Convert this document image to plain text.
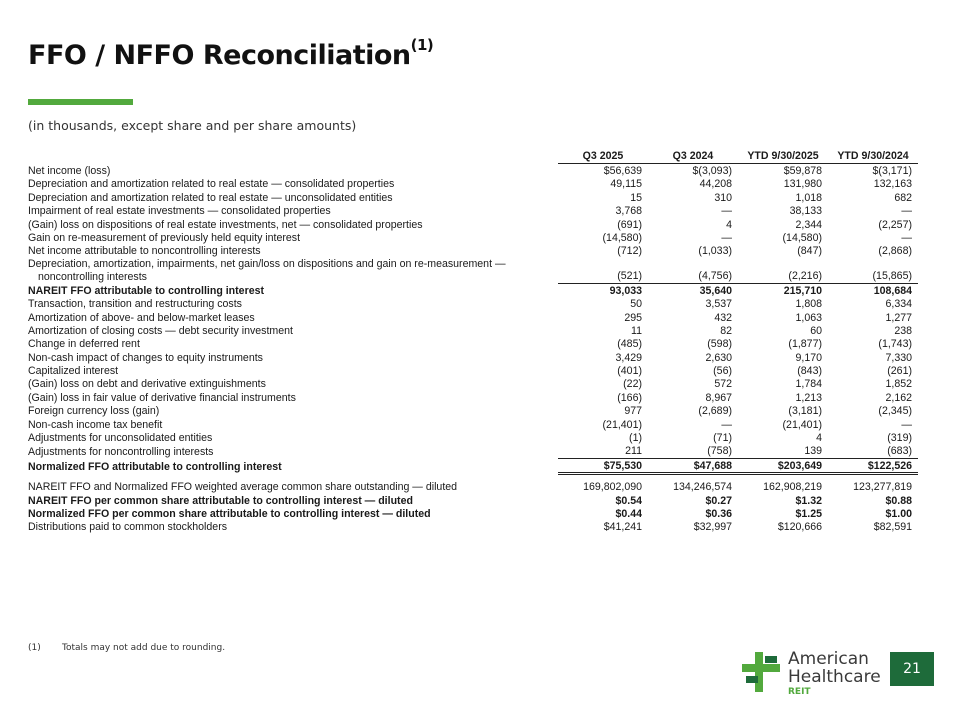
FFO / NFFO Reconciliation$^{(1)}$
(in thousands, except share and per share amounts)
	Q3 2025	Q3 2024	YTD 9/30/2025	YTD 9/30/2024
Net income (loss)	$56,639	$(3,093)	$59,878	$(3,171)
Depreciation and amortization related to real estate — consolidated properties	49,115	44,208	131,980	132,163
Depreciation and amortization related to real estate — unconsolidated entities	15	310	1,018	682
Impairment of real estate investments — consolidated properties	3,768	—	38,133	—
(Gain) loss on dispositions of real estate investments, net — consolidated properties	(691)	4	2,344	(2,257)
Gain on re-measurement of previously held equity interest	(14,580)	—	(14,580)	—
Net income attributable to noncontrolling interests	(712)	(1,033)	(847)	(2,868)
Depreciation, amortization, impairments, net gain/loss on dispositions and gain on re-measurement —
noncontrolling interests	(521)	(4,756)	(2,216)	(15,865)
NAREIT FFO attributable to controlling interest	93,033	35,640	215,710	108,684
Transaction, transition and restructuring costs	50	3,537	1,808	6,334
Amortization of above- and below-market leases	295	432	1,063	1,277
Amortization of closing costs — debt security investment	11	82	60	238
Change in deferred rent	(485)	(598)	(1,877)	(1,743)
Non-cash impact of changes to equity instruments	3,429	2,630	9,170	7,330
Capitalized interest	(401)	(56)	(843)	(261)
(Gain) loss on debt and derivative extinguishments	(22)	572	1,784	1,852
(Gain) loss in fair value of derivative financial instruments	(166)	8,967	1,213	2,162
Foreign currency loss (gain)	977	(2,689)	(3,181)	(2,345)
Non-cash income tax benefit	(21,401)	—	(21,401)	—
Adjustments for unconsolidated entities	(1)	(71)	4	(319)
Adjustments for noncontrolling interests	211	(758)	139	(683)
Normalized FFO attributable to controlling interest	$75,530	$47,688	$203,649	$122,526
NAREIT FFO and Normalized FFO weighted average common share outstanding — diluted	169,802,090	134,246,574	162,908,219	123,277,819
NAREIT FFO per common share attributable to controlling interest — diluted	$0.54	$0.27	$1.32	$0.88
Normalized FFO per common share attributable to controlling interest — diluted	$0.44	$0.36	$1.25	$1.00
Distributions paid to common stockholders	$41,241	$32,997	$120,666	$82,591
(1) Totals may not add due to rounding.
American
Healthcare
REIT
21
